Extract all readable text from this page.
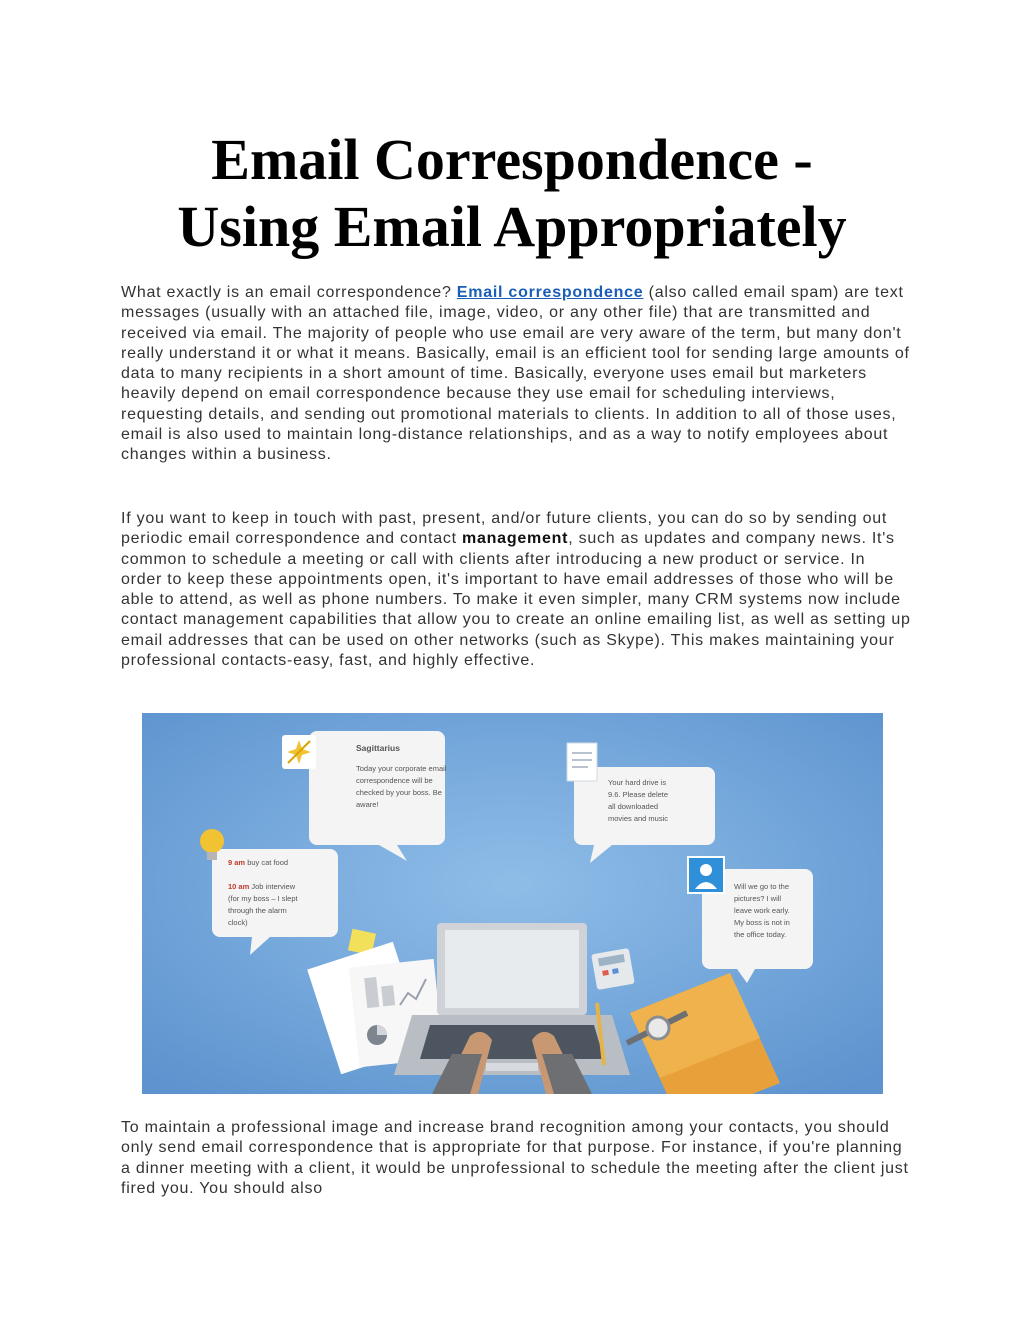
Email Correspondence -
Using Email Appropriately

What exactly is an email correspondence? Email correspondence (also called email spam) are text messages (usually with an attached file, image, video, or any other file) that are transmitted and received via email. The majority of people who use email are very aware of the term, but many don't really understand it or what it means. Basically, email is an efficient tool for sending large amounts of data to many recipients in a short amount of time. Basically, everyone uses email but marketers heavily depend on email correspondence because they use email for scheduling interviews, requesting details, and sending out promotional materials to clients. In addition to all of those uses, email is also used to maintain long-distance relationships, and as a way to notify employees about changes within a business.

If you want to keep in touch with past, present, and/or future clients, you can do so by sending out periodic email correspondence and contact management, such as updates and company news. It's common to schedule a meeting or call with clients after introducing a new product or service. In order to keep these appointments open, it's important to have email addresses of those who will be able to attend, as well as phone numbers. To make it even simpler, many CRM systems now include contact management capabilities that allow you to create an online emailing list, as well as setting up email addresses that can be used on other networks (such as Skype). This makes maintaining your professional contacts-easy, fast, and highly effective.

Sagittarius
Today your corporate email correspondence will be checked by your boss. Be aware!
Your hard drive is 9.6. Please delete all downloaded movies and music
9 am buy cat food 10 am Job interview (for my boss – I slept through the alarm clock)
Will we go to the pictures? I will leave work early. My boss is not in the office today.

To maintain a professional image and increase brand recognition among your contacts, you should only send email correspondence that is appropriate for that purpose. For instance, if you're planning a dinner meeting with a client, it would be unprofessional to schedule the meeting after the client just fired you. You should also
